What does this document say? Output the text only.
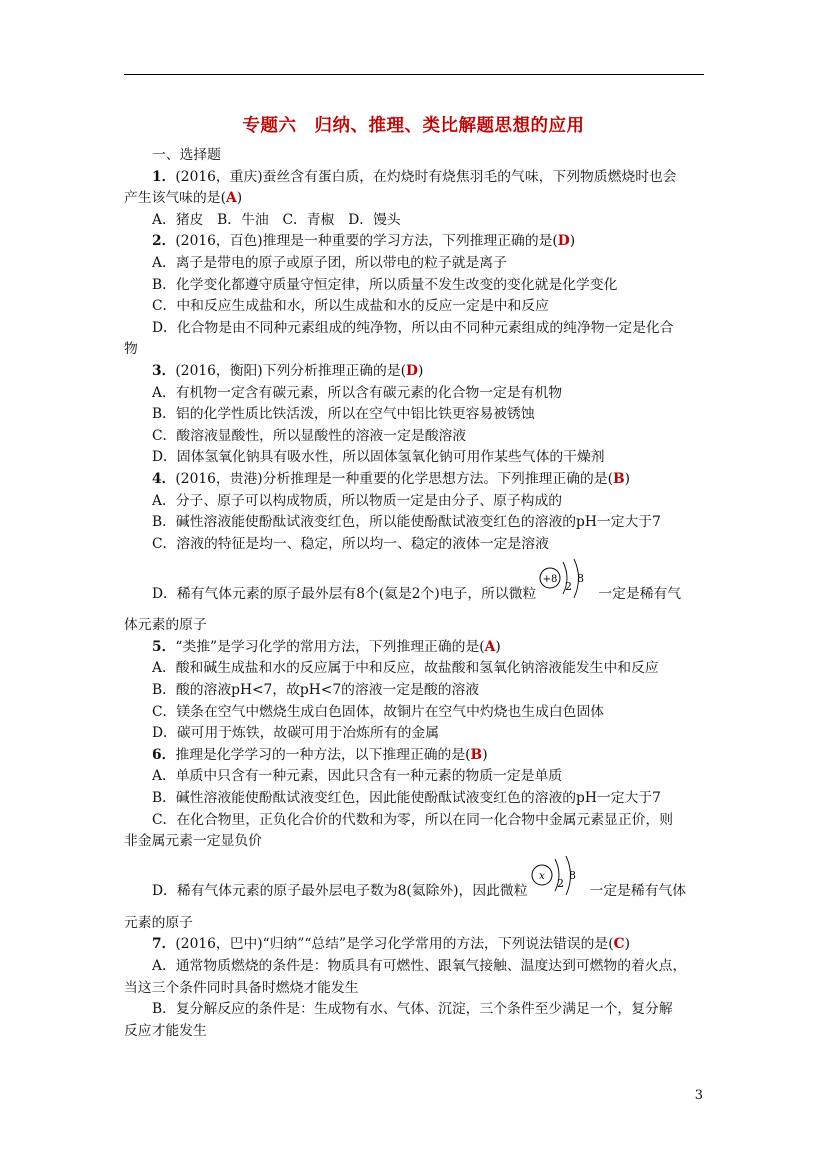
专题六　归纳、推理、类比解题思想的应用
一、选择题
1．(2016，重庆)蚕丝含有蛋白质，在灼烧时有烧焦羽毛的气味，下列物质燃烧时也会
产生该气味的是(A)
A．猪皮　B．牛油　C．青椒　D．馒头
2．(2016，百色)推理是一种重要的学习方法，下列推理正确的是(D)
A．离子是带电的原子或原子团，所以带电的粒子就是离子
B．化学变化都遵守质量守恒定律，所以质量不发生改变的变化就是化学变化
C．中和反应生成盐和水，所以生成盐和水的反应一定是中和反应
D．化合物是由不同种元素组成的纯净物，所以由不同种元素组成的纯净物一定是化合
物
3．(2016，衡阳)下列分析推理正确的是(D)
A．有机物一定含有碳元素，所以含有碳元素的化合物一定是有机物
B．铝的化学性质比铁活泼，所以在空气中铝比铁更容易被锈蚀
C．酸溶液显酸性，所以显酸性的溶液一定是酸溶液
D．固体氢氧化钠具有吸水性，所以固体氢氧化钠可用作某些气体的干燥剂
4．(2016，贵港)分析推理是一种重要的化学思想方法。下列推理正确的是(B)
A．分子、原子可以构成物质，所以物质一定是由分子、原子构成的
B．碱性溶液能使酚酞试液变红色，所以能使酚酞试液变红色的溶液的pH一定大于7
C．溶液的特征是均一、稳定，所以均一、稳定的液体一定是溶液
D．稀有气体元素的原子最外层有8个(氦是2个)电子，所以微粒
+8
2
8
一定是稀有气
体元素的原子
5．“类推”是学习化学的常用方法，下列推理正确的是(A)
A．酸和碱生成盐和水的反应属于中和反应，故盐酸和氢氧化钠溶液能发生中和反应
B．酸的溶液pH<7，故pH<7的溶液一定是酸的溶液
C．镁条在空气中燃烧生成白色固体，故铜片在空气中灼烧也生成白色固体
D．碳可用于炼铁，故碳可用于冶炼所有的金属
6．推理是化学学习的一种方法，以下推理正确的是(B)
A．单质中只含有一种元素，因此只含有一种元素的物质一定是单质
B．碱性溶液能使酚酞试液变红色，因此能使酚酞试液变红色的溶液的pH一定大于7
C．在化合物里，正负化合价的代数和为零，所以在同一化合物中金属元素显正价，则
非金属元素一定显负价
D．稀有气体元素的原子最外层电子数为8(氦除外)，因此微粒
x
2
8
一定是稀有气体
元素的原子
7．(2016，巴中)“归纳”“总结”是学习化学常用的方法，下列说法错误的是(C)
A．通常物质燃烧的条件是：物质具有可燃性、跟氧气接触、温度达到可燃物的着火点，
当这三个条件同时具备时燃烧才能发生
B．复分解反应的条件是：生成物有水、气体、沉淀，三个条件至少满足一个，复分解
反应才能发生
3
